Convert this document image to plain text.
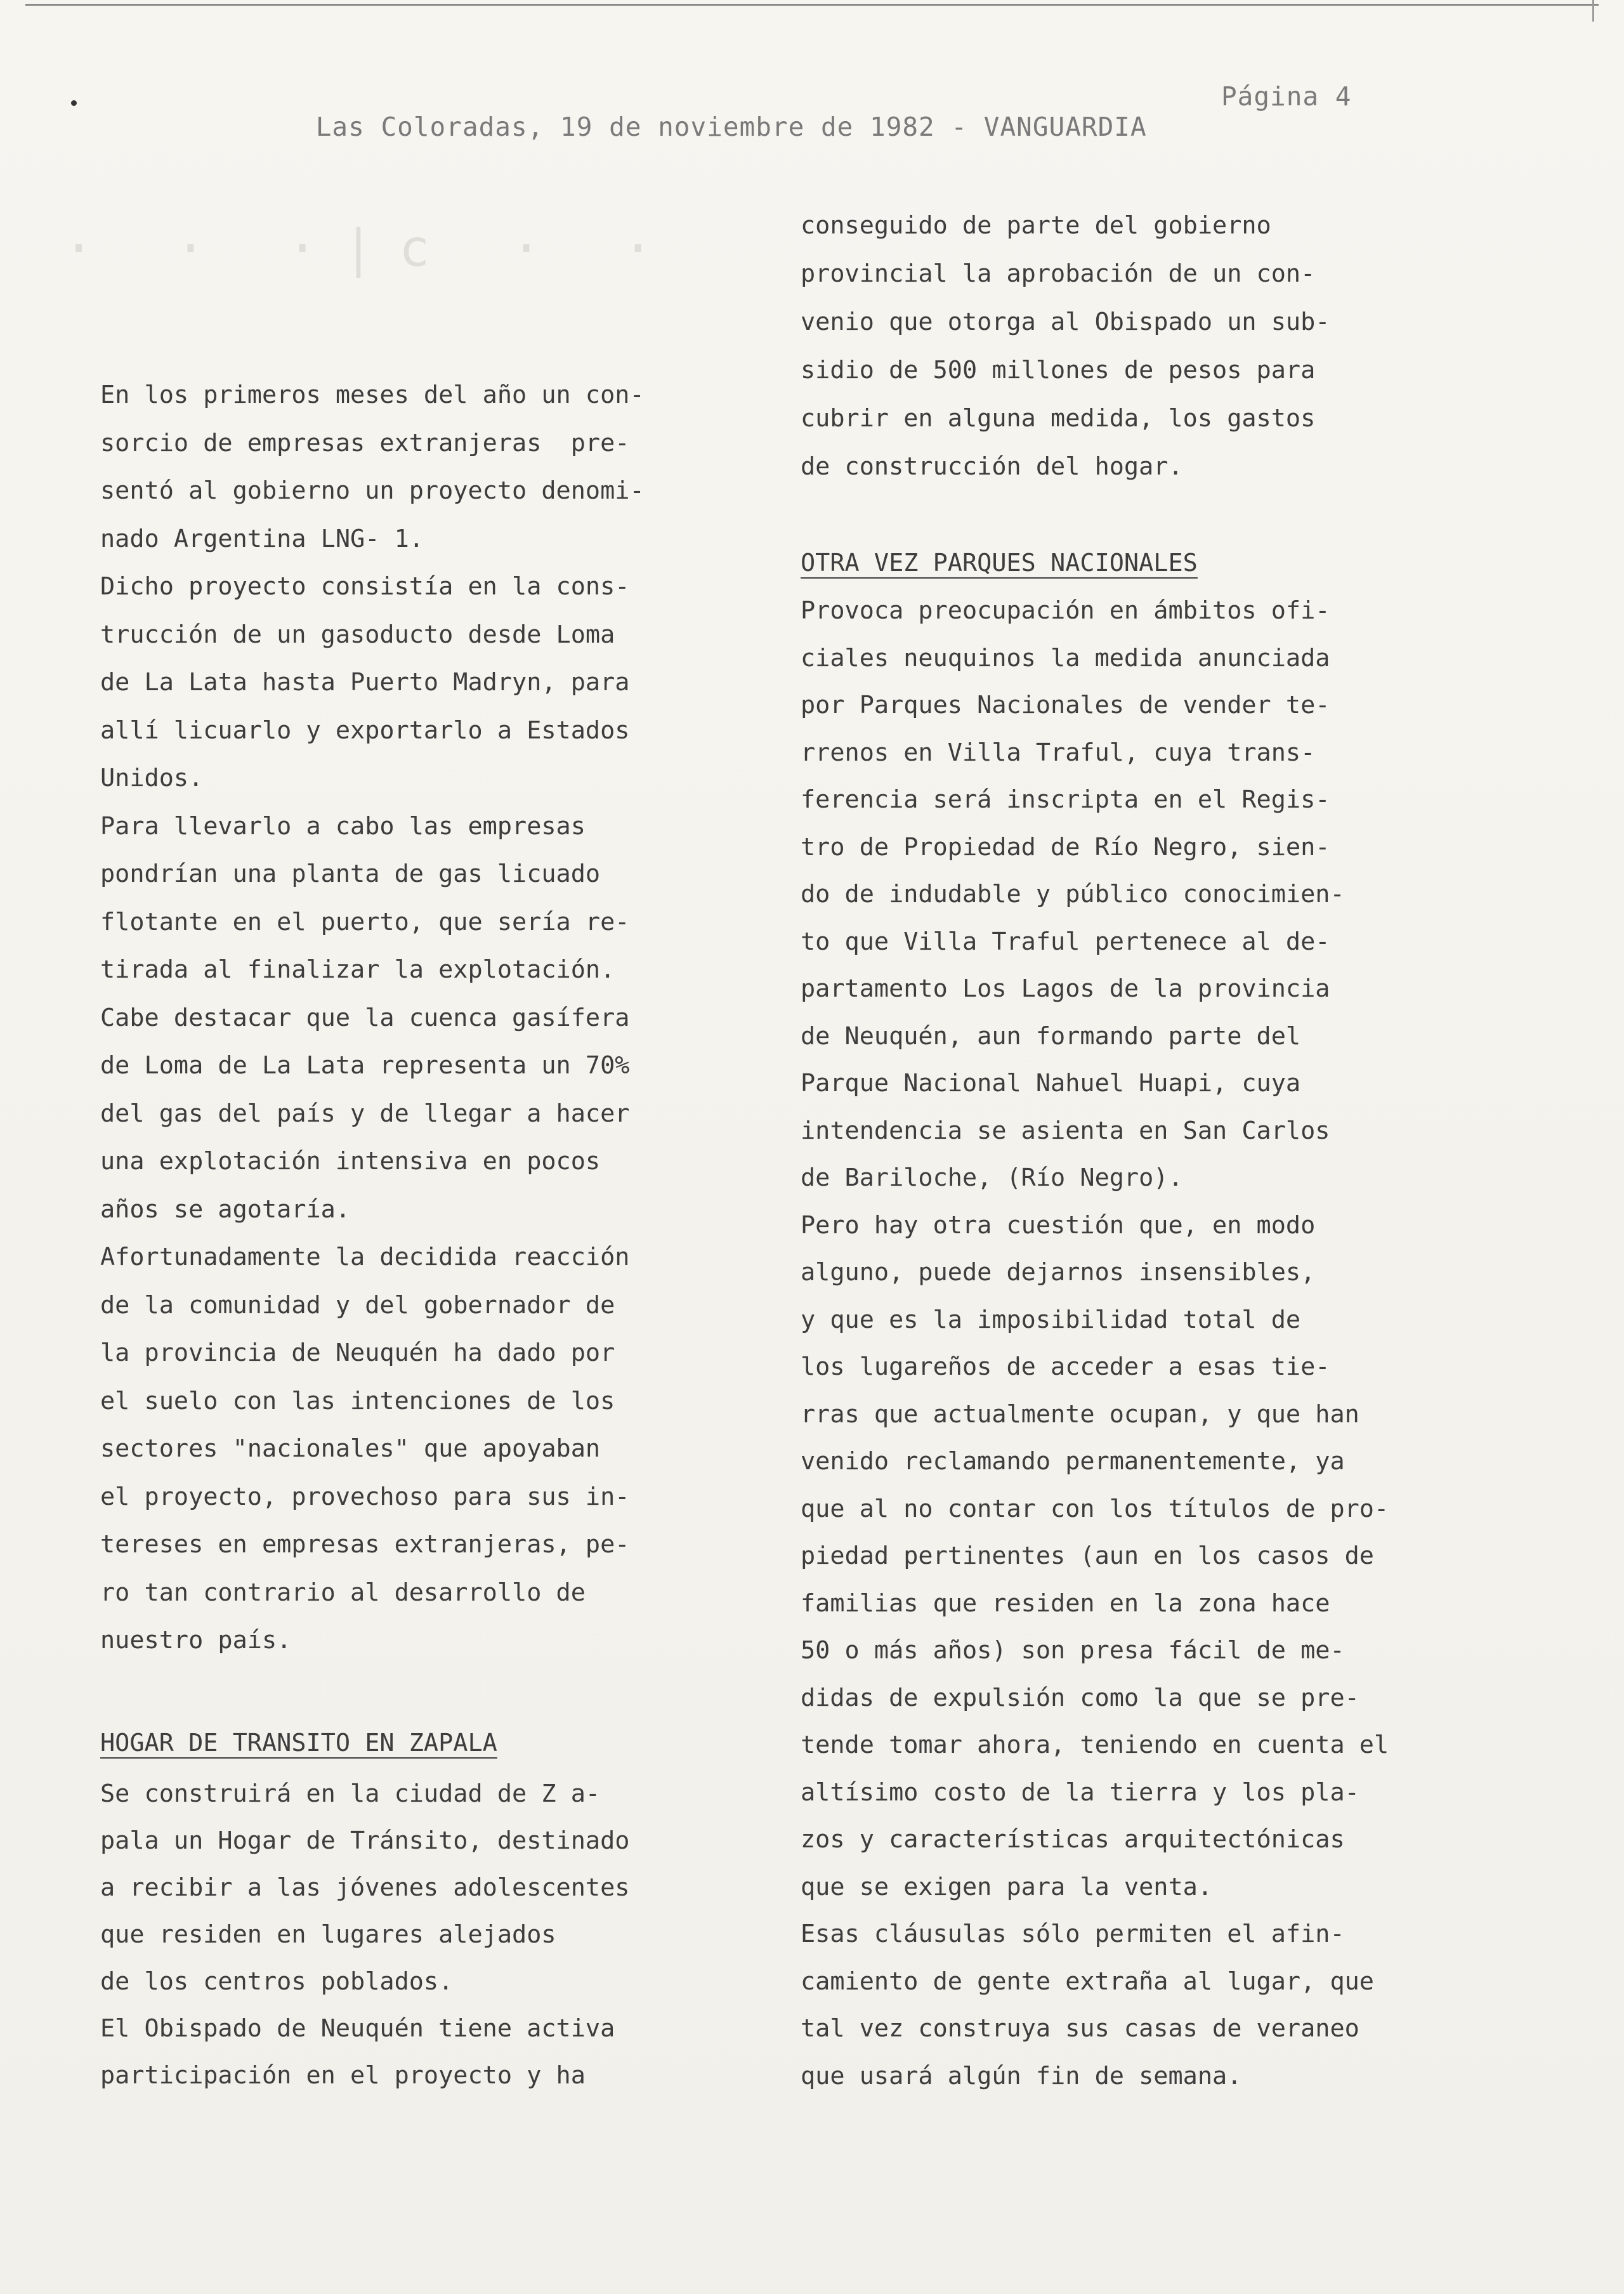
Las Coloradas, 19 de noviembre de 1982 - VANGUARDIA

Página 4

· · ·|c · ·
En los primeros meses del año un con-
sorcio de empresas extranjeras  pre-
sentó al gobierno un proyecto denomi-
nado Argentina LNG- 1.
Dicho proyecto consistía en la cons-
trucción de un gasoducto desde Loma
de La Lata hasta Puerto Madryn, para
allí licuarlo y exportarlo a Estados
Unidos.
Para llevarlo a cabo las empresas
pondrían una planta de gas licuado
flotante en el puerto, que sería re-
tirada al finalizar la explotación.
Cabe destacar que la cuenca gasífera
de Loma de La Lata representa un 70%
del gas del país y de llegar a hacer
una explotación intensiva en pocos
años se agotaría.
Afortunadamente la decidida reacción
de la comunidad y del gobernador de
la provincia de Neuquén ha dado por
el suelo con las intenciones de los
sectores "nacionales" que apoyaban
el proyecto, provechoso para sus in-
tereses en empresas extranjeras, pe-
ro tan contrario al desarrollo de
nuestro país.
HOGAR DE TRANSITO EN ZAPALA
Se construirá en la ciudad de Z a-
pala un Hogar de Tránsito, destinado
a recibir a las jóvenes adolescentes
que residen en lugares alejados
de los centros poblados.
El Obispado de Neuquén tiene activa
participación en el proyecto y ha
conseguido de parte del gobierno
provincial la aprobación de un con-
venio que otorga al Obispado un sub-
sidio de 500 millones de pesos para
cubrir en alguna medida, los gastos
de construcción del hogar.
OTRA VEZ PARQUES NACIONALES
Provoca preocupación en ámbitos ofi-
ciales neuquinos la medida anunciada
por Parques Nacionales de vender te-
rrenos en Villa Traful, cuya trans-
ferencia será inscripta en el Regis-
tro de Propiedad de Río Negro, sien-
do de indudable y público conocimien-
to que Villa Traful pertenece al de-
partamento Los Lagos de la provincia
de Neuquén, aun formando parte del
Parque Nacional Nahuel Huapi, cuya
intendencia se asienta en San Carlos
de Bariloche, (Río Negro).
Pero hay otra cuestión que, en modo
alguno, puede dejarnos insensibles,
y que es la imposibilidad total de
los lugareños de acceder a esas tie-
rras que actualmente ocupan, y que han
venido reclamando permanentemente, ya
que al no contar con los títulos de pro-
piedad pertinentes (aun en los casos de
familias que residen en la zona hace
50 o más años) son presa fácil de me-
didas de expulsión como la que se pre-
tende tomar ahora, teniendo en cuenta el
altísimo costo de la tierra y los pla-
zos y características arquitectónicas
que se exigen para la venta.
Esas cláusulas sólo permiten el afin-
camiento de gente extraña al lugar, que
tal vez construya sus casas de veraneo
que usará algún fin de semana.
